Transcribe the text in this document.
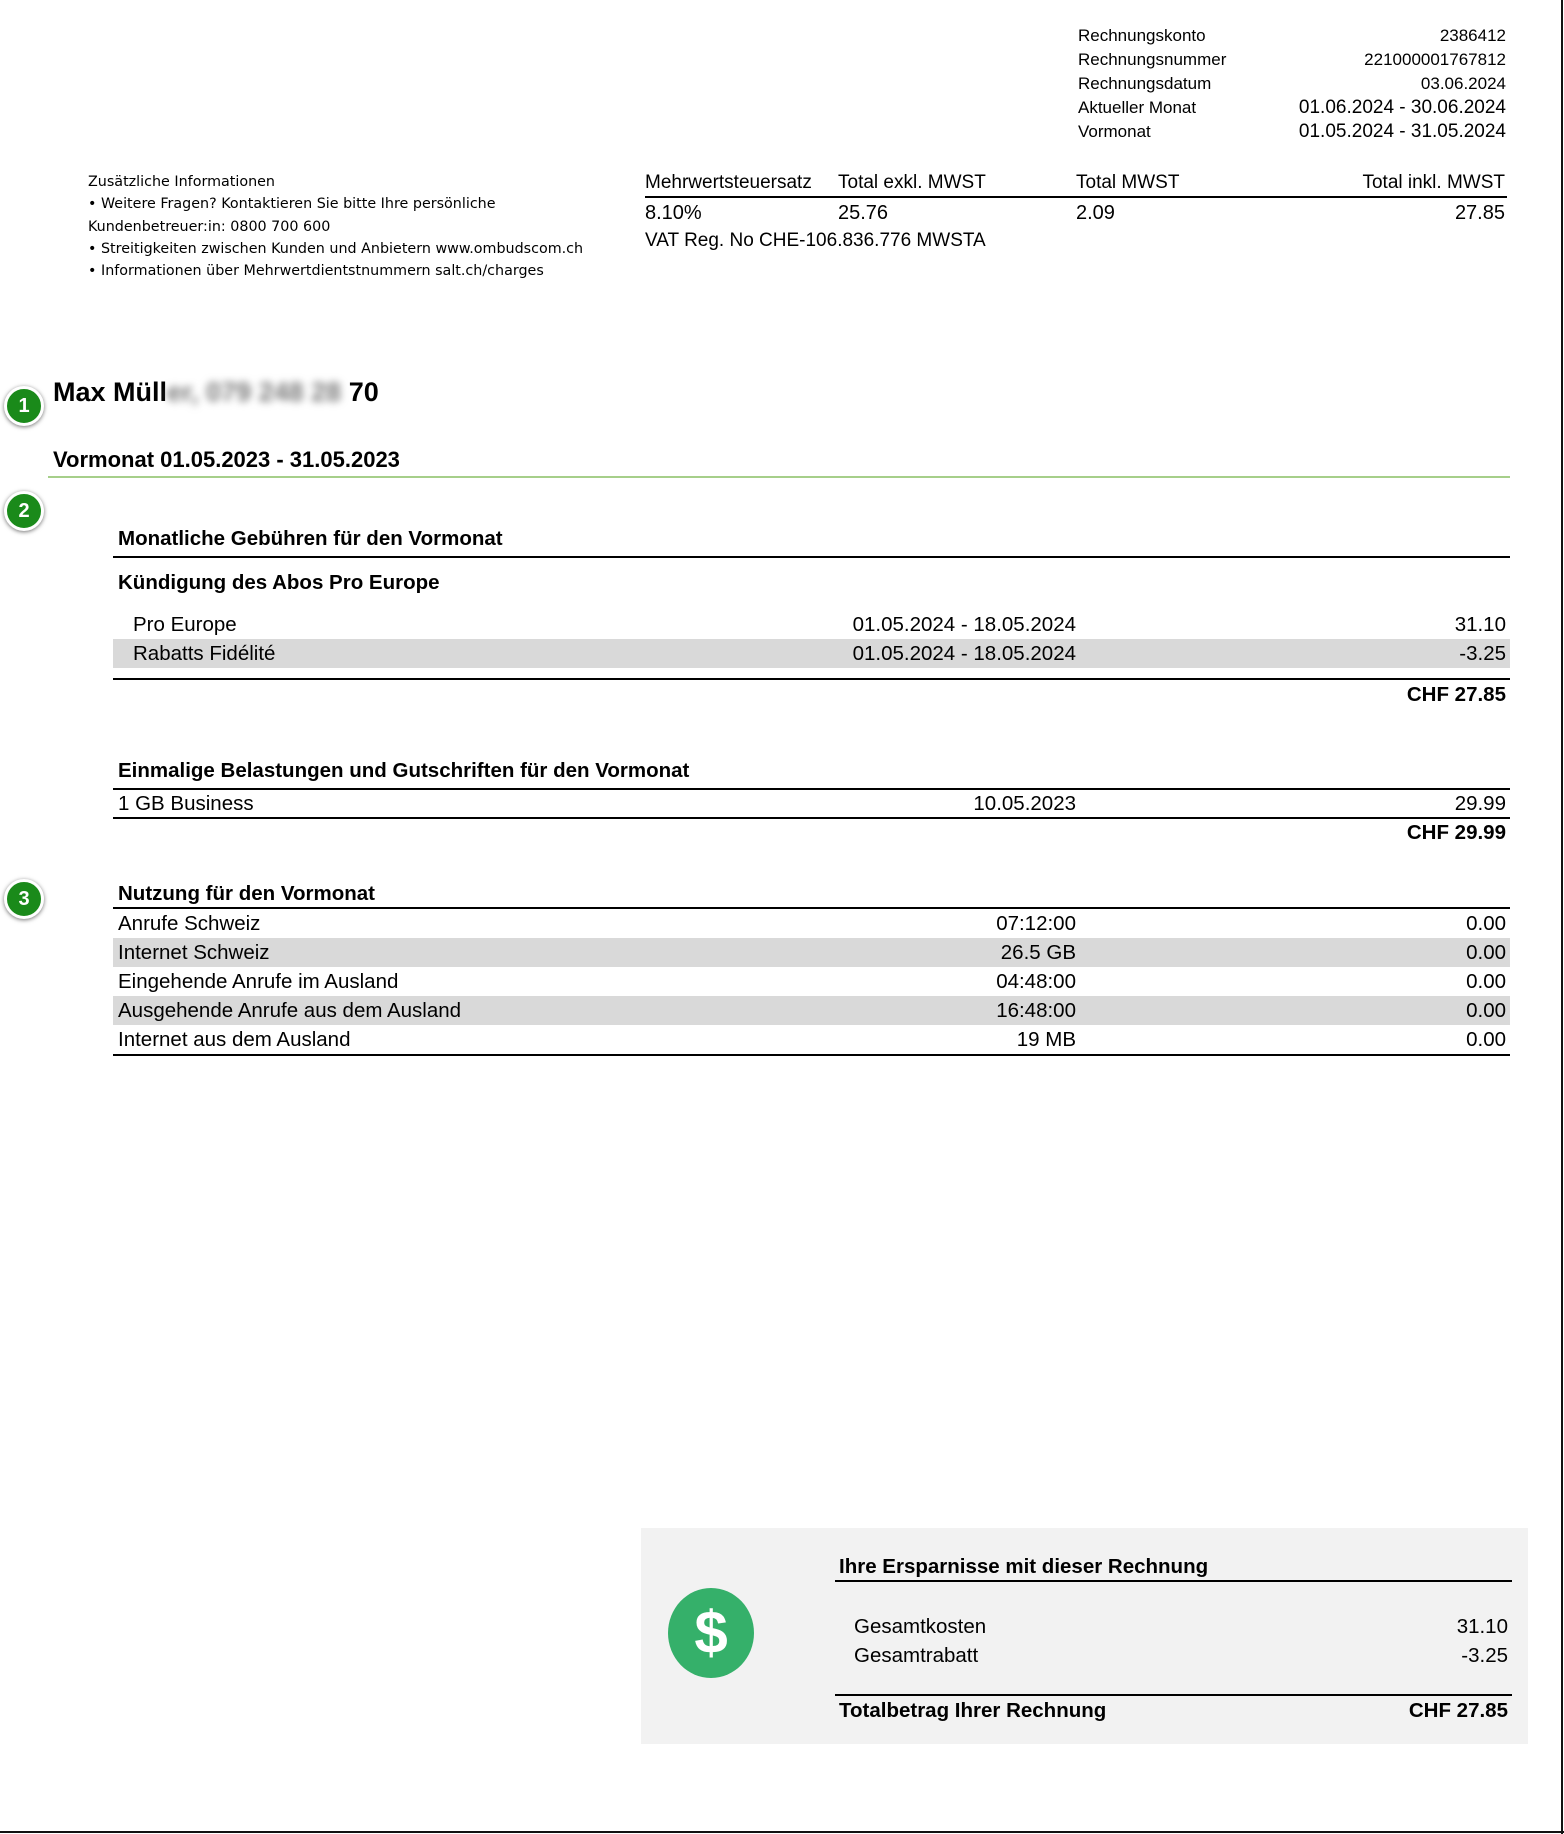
Rechnungskonto	2386412
Rechnungsnummer	221000001767812
Rechnungsdatum	03.06.2024
Aktueller Monat	01.06.2024 - 30.06.2024
Vormonat	01.05.2024 - 31.05.2024
Zusätzliche Informationen
• Weitere Fragen? Kontaktieren Sie bitte Ihre persönliche
Kundenbetreuer:in: 0800 700 600
• Streitigkeiten zwischen Kunden und Anbietern www.ombudscom.ch
• Informationen über Mehrwertdientstnummern salt.ch/charges
Mehrwertsteuersatz	Total exkl. MWST	Total MWST	Total inkl. MWST
8.10%	25.76	2.09	27.85
VAT Reg. No CHE-106.836.776 MWSTA
1
2
3
Max Müller, 079 248 28 70
Vormonat 01.05.2023 - 31.05.2023
Monatliche Gebühren für den Vormonat
Kündigung des Abos Pro Europe
Pro Europe	01.05.2024 - 18.05.2024	31.10
Rabatts Fidélité	01.05.2024 - 18.05.2024	-3.25
CHF 27.85
Einmalige Belastungen und Gutschriften für den Vormonat
1 GB Business	10.05.2023	29.99
CHF 29.99
Nutzung für den Vormonat
Anrufe Schweiz	07:12:00	0.00
Internet Schweiz	26.5 GB	0.00
Eingehende Anrufe im Ausland	04:48:00	0.00
Ausgehende Anrufe aus dem Ausland	16:48:00	0.00
Internet aus dem Ausland	19 MB	0.00
$
Ihre Ersparnisse mit dieser Rechnung
Gesamtkosten	31.10
Gesamtrabatt	-3.25
Totalbetrag Ihrer Rechnung	CHF 27.85
